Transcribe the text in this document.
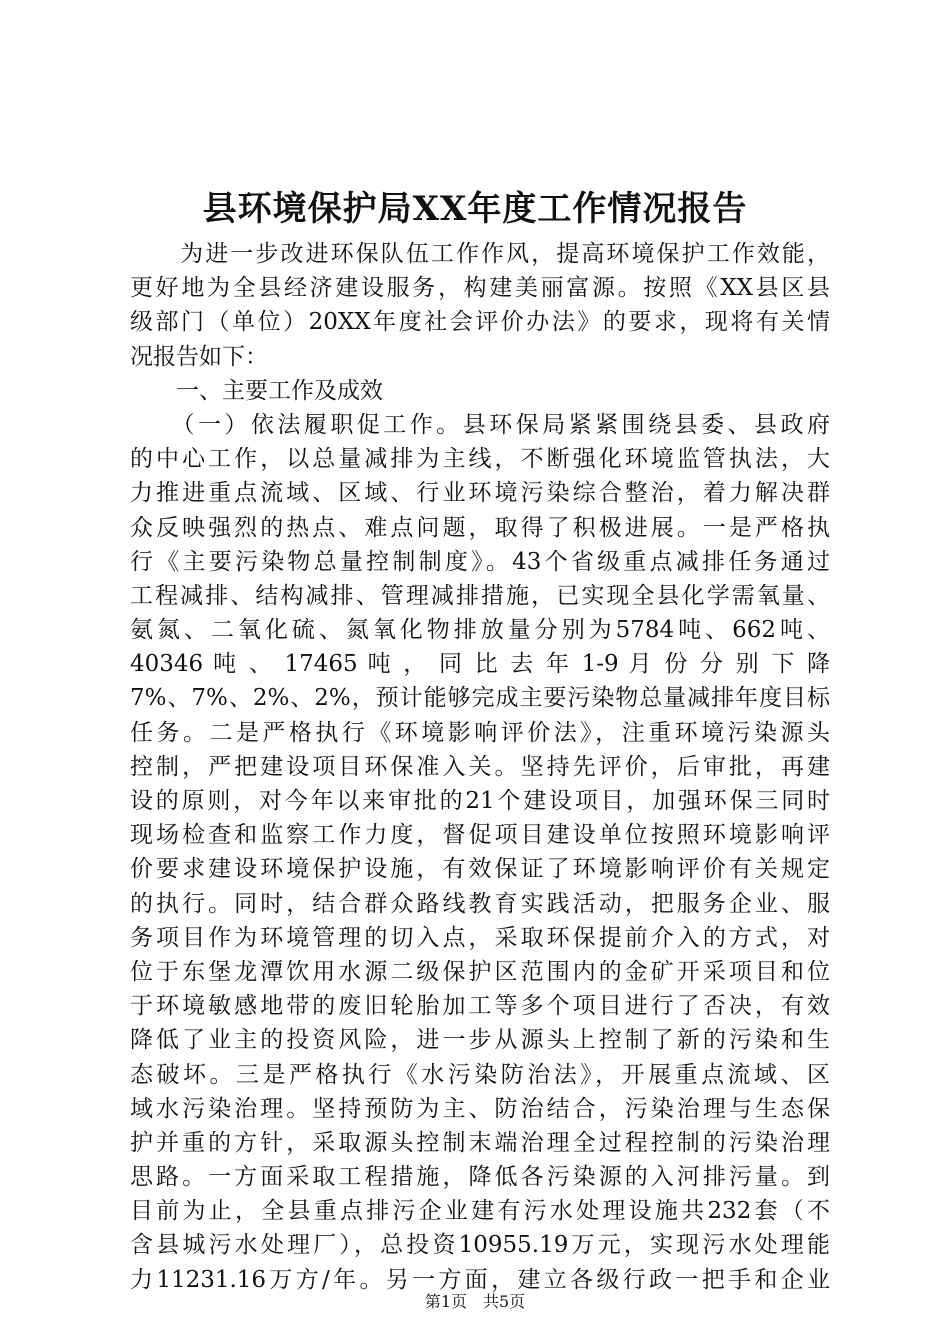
县环境保护局XX年度工作情况报告
　　为进一步改进环保队伍工作作风，提高环境保护工作效能，
更好地为全县经济建设服务，构建美丽富源。按照《XX县区县
级部门（单位）20XX年度社会评价办法》的要求，现将有关情
况报告如下：
　　一、主要工作及成效
　　（一）依法履职促工作。县环保局紧紧围绕县委、县政府
的中心工作，以总量减排为主线，不断强化环境监管执法，大
力推进重点流域、区域、行业环境污染综合整治，着力解决群
众反映强烈的热点、难点问题，取得了积极进展。一是严格执
行《主要污染物总量控制制度》。43个省级重点减排任务通过
工程减排、结构减排、管理减排措施，已实现全县化学需氧量、
氨氮、二氧化硫、氮氧化物排放量分别为5784吨、662吨、
40346 吨 、 17465 吨 ， 同 比 去 年 1-9 月 份 分 别 下 降
7%、7%、2%、2%，预计能够完成主要污染物总量减排年度目标
任务。二是严格执行《环境影响评价法》，注重环境污染源头
控制，严把建设项目环保准入关。坚持先评价，后审批，再建
设的原则，对今年以来审批的21个建设项目，加强环保三同时
现场检查和监察工作力度，督促项目建设单位按照环境影响评
价要求建设环境保护设施，有效保证了环境影响评价有关规定
的执行。同时，结合群众路线教育实践活动，把服务企业、服
务项目作为环境管理的切入点，采取环保提前介入的方式，对
位于东堡龙潭饮用水源二级保护区范围内的金矿开采项目和位
于环境敏感地带的废旧轮胎加工等多个项目进行了否决，有效
降低了业主的投资风险，进一步从源头上控制了新的污染和生
态破坏。三是严格执行《水污染防治法》，开展重点流域、区
域水污染治理。坚持预防为主、防治结合，污染治理与生态保
护并重的方针，采取源头控制末端治理全过程控制的污染治理
思路。一方面采取工程措施，降低各污染源的入河排污量。到
目前为止，全县重点排污企业建有污水处理设施共232套（不
含县城污水处理厂），总投资10955.19万元，实现污水处理能
力11231.16万方/年。另一方面，建立各级行政一把手和企业
第1页　共5页
